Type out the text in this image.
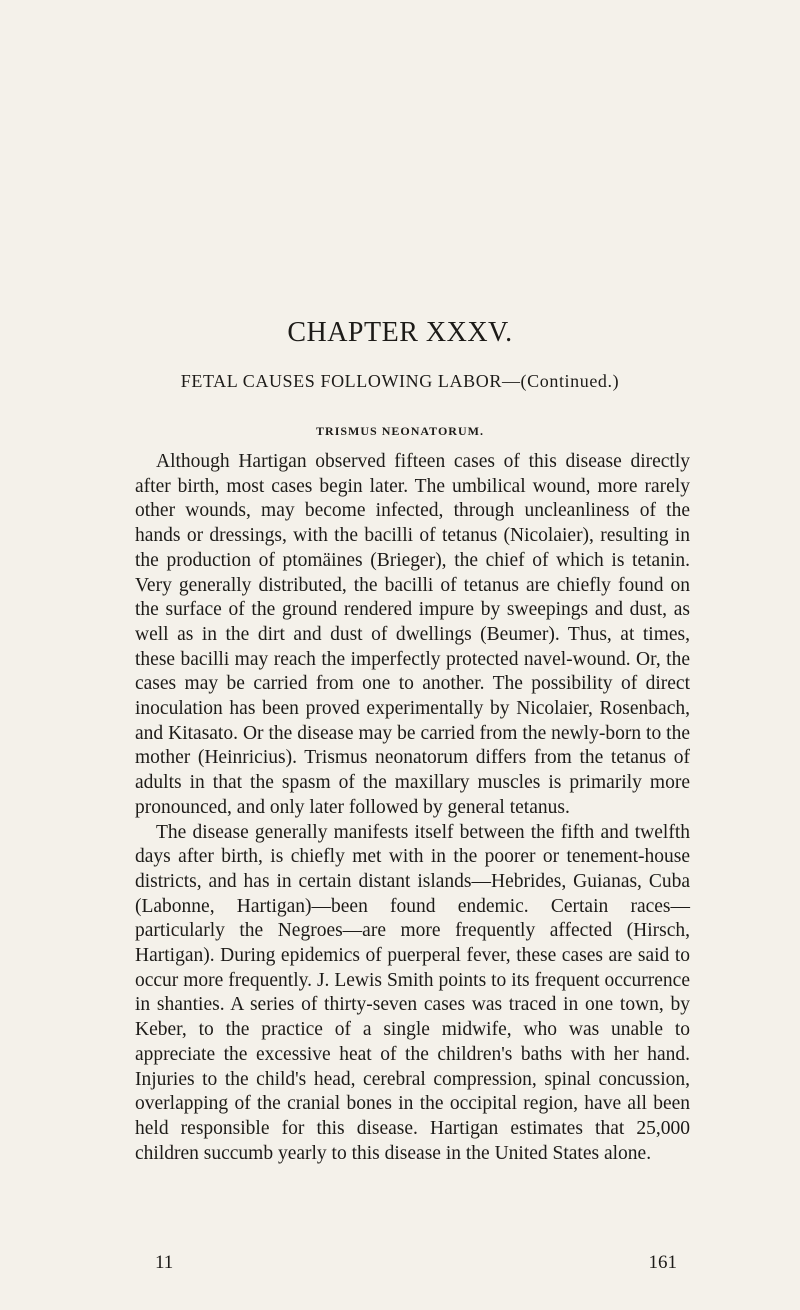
CHAPTER XXXV.
FETAL CAUSES FOLLOWING LABOR—(Continued.)
TRISMUS NEONATORUM.

Although Hartigan observed fifteen cases of this disease directly after birth, most cases begin later. The umbilical wound, more rarely other wounds, may become infected, through uncleanliness of the hands or dressings, with the bacilli of tetanus (Nicolaier), resulting in the production of ptomäines (Brieger), the chief of which is tetanin. Very generally distributed, the bacilli of tetanus are chiefly found on the surface of the ground rendered impure by sweepings and dust, as well as in the dirt and dust of dwellings (Beumer). Thus, at times, these bacilli may reach the imperfectly protected navel-wound. Or, the cases may be carried from one to another. The possibility of direct inoculation has been proved experimentally by Nicolaier, Rosenbach, and Kitasato. Or the disease may be carried from the newly-born to the mother (Heinricius). Trismus neonatorum differs from the tetanus of adults in that the spasm of the maxillary muscles is primarily more pronounced, and only later followed by general tetanus.

The disease generally manifests itself between the fifth and twelfth days after birth, is chiefly met with in the poorer or tenement-house districts, and has in certain distant islands—Hebrides, Guianas, Cuba (Labonne, Hartigan)—been found endemic. Certain races—particularly the Negroes—are more frequently affected (Hirsch, Hartigan). During epidemics of puerperal fever, these cases are said to occur more frequently. J. Lewis Smith points to its frequent occurrence in shanties. A series of thirty-seven cases was traced in one town, by Keber, to the practice of a single midwife, who was unable to appreciate the excessive heat of the children's baths with her hand. Injuries to the child's head, cerebral compression, spinal concussion, overlapping of the cranial bones in the occipital region, have all been held responsible for this disease. Hartigan estimates that 25,000 children succumb yearly to this disease in the United States alone.

11	161
